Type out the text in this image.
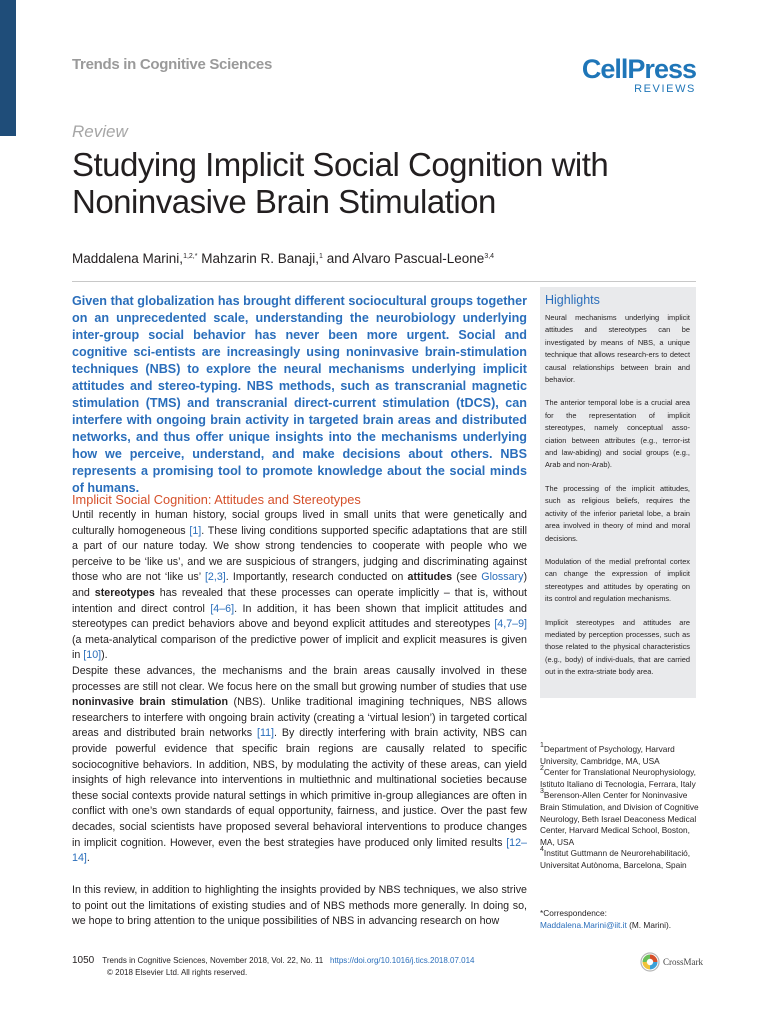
Trends in Cognitive Sciences	CellPress
REVIEWS
Review
Studying Implicit Social Cognition with Noninvasive Brain Stimulation
Maddalena Marini,$^{1,2,*}$ Mahzarin R. Banaji,$^1$ and Alvaro Pascual-Leone$^{3,4}$

Given that globalization has brought different sociocultural groups together on an unprecedented scale, understanding the neurobiology underlying inter-group social behavior has never been more urgent. Social and cognitive sci-entists are increasingly using noninvasive brain-stimulation techniques (NBS) to explore the neural mechanisms underlying implicit attitudes and stereo-typing. NBS methods, such as transcranial magnetic stimulation (TMS) and transcranial direct-current stimulation (tDCS), can interfere with ongoing brain activity in targeted brain areas and distributed networks, and thus offer unique insights into the mechanisms underlying how we perceive, understand, and make decisions about others. NBS represents a promising tool to promote knowledge about the social minds of humans.

Implicit Social Cognition: Attitudes and Stereotypes

Until recently in human history, social groups lived in small units that were genetically and culturally homogeneous [1]. These living conditions supported specific adaptations that are still a part of our nature today. We show strong tendencies to cooperate with people who we perceive to be ‘like us’, and we are suspicious of strangers, judging and discriminating against those who are not ‘like us’ [2,3]. Importantly, research conducted on attitudes (see Glossary) and stereotypes has revealed that these processes can operate implicitly – that is, without intention and direct control [4–6]. In addition, it has been shown that implicit attitudes and stereotypes can predict behaviors above and beyond explicit attitudes and stereotypes [4,7–9] (a meta-analytical comparison of the predictive power of implicit and explicit measures is given in [10]).

Despite these advances, the mechanisms and the brain areas causally involved in these processes are still not clear. We focus here on the small but growing number of studies that use noninvasive brain stimulation (NBS). Unlike traditional imagining techniques, NBS allows researchers to interfere with ongoing brain activity (creating a ‘virtual lesion’) in targeted cortical areas and distributed brain networks [11]. By directly interfering with brain activity, NBS can provide powerful evidence that specific brain regions are causally related to specific sociocognitive behaviors. In addition, NBS, by modulating the activity of these areas, can yield insights of high relevance into interventions in multiethnic and multinational societies because these social contexts provide natural settings in which primitive in-group allegiances are often in conflict with one’s own standards of equal opportunity, fairness, and justice. Over the past few decades, social scientists have proposed several behavioral interventions to produce changes in implicit cognition. However, even the best strategies have produced only limited results [12–14].

In this review, in addition to highlighting the insights provided by NBS techniques, we also strive to point out the limitations of existing studies and of NBS methods more generally. In doing so, we hope to bring attention to the unique possibilities of NBS in advancing research on how

Highlights

Neural mechanisms underlying implicit attitudes and stereotypes can be investigated by means of NBS, a unique technique that allows research-ers to detect causal relationships between brain and behavior.

The anterior temporal lobe is a crucial area for the representation of implicit stereotypes, namely conceptual asso-ciation between attributes (e.g., terror-ist and law-abiding) and social groups (e.g., Arab and non-Arab).

The processing of the implicit attitudes, such as religious beliefs, requires the activity of the inferior parietal lobe, a brain area involved in theory of mind and moral decisions.

Modulation of the medial prefrontal cortex can change the expression of implicit stereotypes and attitudes by operating on its control and regulation mechanisms.

Implicit stereotypes and attitudes are mediated by perception processes, such as those related to the physical characteristics (e.g., body) of indivi-duals, that are carried out in the extra-striate body area.

$^1$Department of Psychology, Harvard University, Cambridge, MA, USA
$^2$Center for Translational Neurophysiology, Istituto Italiano di Tecnologia, Ferrara, Italy
$^3$Berenson-Allen Center for Noninvasive Brain Stimulation, and Division of Cognitive Neurology, Beth Israel Deaconess Medical Center, Harvard Medical School, Boston, MA, USA
$^4$Institut Guttmann de Neurorehabilitació, Universitat Autònoma, Barcelona, Spain
*Correspondence:
Maddalena.Marini@iit.it (M. Marini).
1050 Trends in Cognitive Sciences, November 2018, Vol. 22, No. 11 https://doi.org/10.1016/j.tics.2018.07.014
© 2018 Elsevier Ltd. All rights reserved.
CrossMark
